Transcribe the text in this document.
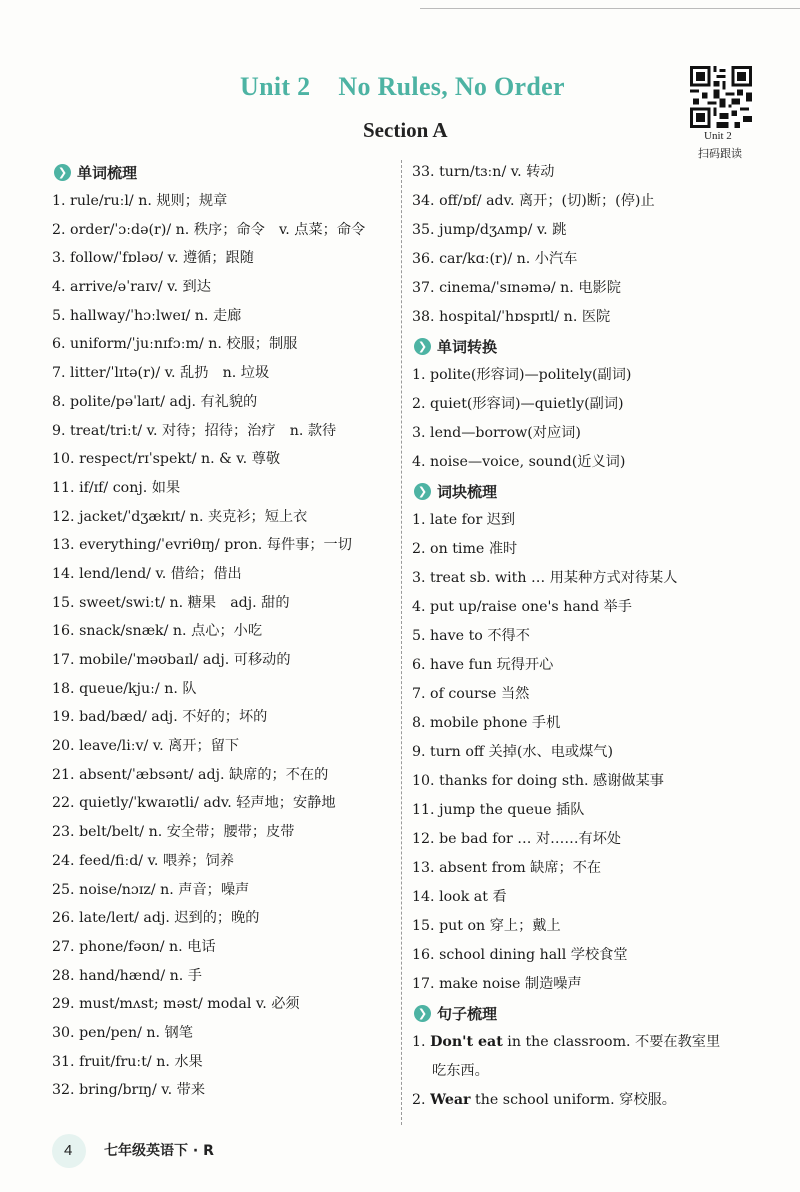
Unit 2 No Rules, No Order
Section A	Unit 2
扫码跟读
❯ 单词梳理
1. rule/ruːl/ n. 规则；规章
2. order/ˈɔːdə(r)/ n. 秩序；命令　v. 点菜；命令
3. follow/ˈfɒləʊ/ v. 遵循；跟随
4. arrive/əˈraɪv/ v. 到达
5. hallway/ˈhɔːlweɪ/ n. 走廊
6. uniform/ˈjuːnɪfɔːm/ n. 校服；制服
7. litter/ˈlɪtə(r)/ v. 乱扔　n. 垃圾
8. polite/pəˈlaɪt/ adj. 有礼貌的
9. treat/triːt/ v. 对待；招待；治疗　n. 款待
10. respect/rɪˈspekt/ n. & v. 尊敬
11. if/ɪf/ conj. 如果
12. jacket/ˈdʒækɪt/ n. 夹克衫；短上衣
13. everything/ˈevriθɪŋ/ pron. 每件事；一切
14. lend/lend/ v. 借给；借出
15. sweet/swiːt/ n. 糖果　adj. 甜的
16. snack/snæk/ n. 点心；小吃
17. mobile/ˈməʊbaɪl/ adj. 可移动的
18. queue/kjuː/ n. 队
19. bad/bæd/ adj. 不好的；坏的
20. leave/liːv/ v. 离开；留下
21. absent/ˈæbsənt/ adj. 缺席的；不在的
22. quietly/ˈkwaɪətli/ adv. 轻声地；安静地
23. belt/belt/ n. 安全带；腰带；皮带
24. feed/fiːd/ v. 喂养；饲养
25. noise/nɔɪz/ n. 声音；噪声
26. late/leɪt/ adj. 迟到的；晚的
27. phone/fəʊn/ n. 电话
28. hand/hænd/ n. 手
29. must/mʌst; məst/ modal v. 必须
30. pen/pen/ n. 钢笔
31. fruit/fruːt/ n. 水果
32. bring/brɪŋ/ v. 带来
33. turn/tɜːn/ v. 转动
34. off/ɒf/ adv. 离开；(切)断；(停)止
35. jump/dʒʌmp/ v. 跳
36. car/kɑː(r)/ n. 小汽车
37. cinema/ˈsɪnəmə/ n. 电影院
38. hospital/ˈhɒspɪtl/ n. 医院
❯ 单词转换
1. polite(形容词)—politely(副词)
2. quiet(形容词)—quietly(副词)
3. lend—borrow(对应词)
4. noise—voice, sound(近义词)
❯ 词块梳理
1. late for 迟到
2. on time 准时
3. treat sb. with … 用某种方式对待某人
4. put up/raise one's hand 举手
5. have to 不得不
6. have fun 玩得开心
7. of course 当然
8. mobile phone 手机
9. turn off 关掉(水、电或煤气)
10. thanks for doing sth. 感谢做某事
11. jump the queue 插队
12. be bad for … 对……有坏处
13. absent from 缺席；不在
14. look at 看
15. put on 穿上；戴上
16. school dining hall 学校食堂
17. make noise 制造噪声
❯ 句子梳理
1. Don't eat in the classroom. 不要在教室里
吃东西。
2. Wear the school uniform. 穿校服。
4 七年级英语下 · R
